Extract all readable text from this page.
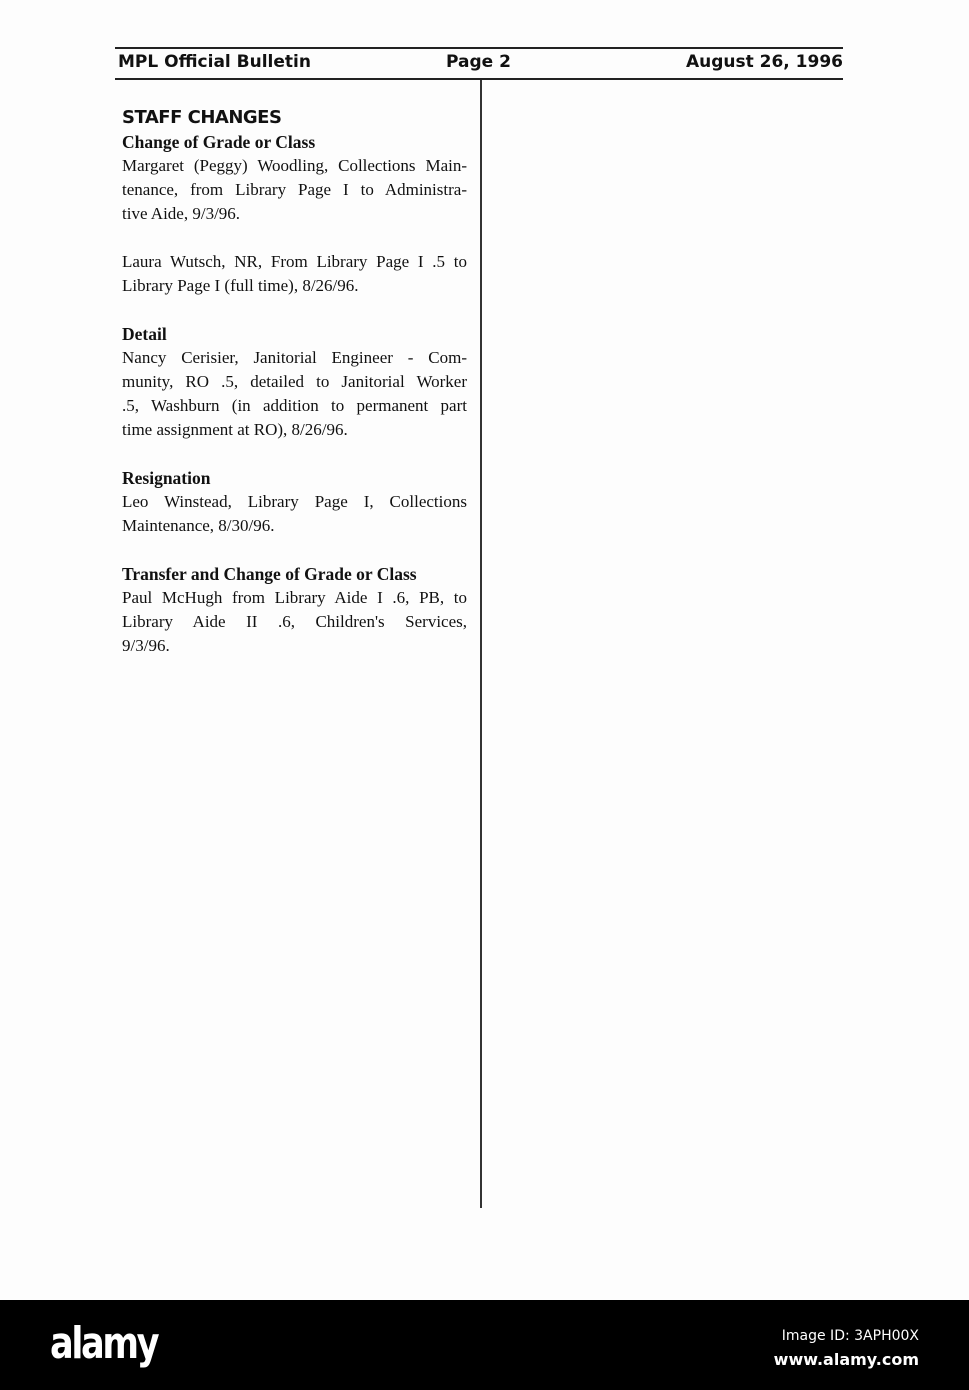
MPL Official Bulletin	Page 2	August 26, 1996
STAFF CHANGES
Change of Grade or Class
Margaret (Peggy) Woodling, Collections Main-
tenance, from Library Page I to Administra-
tive Aide, 9/3/96.
Laura Wutsch, NR, From Library Page I .5 to
Library Page I (full time), 8/26/96.
Detail
Nancy Cerisier, Janitorial Engineer - Com-
munity, RO .5, detailed to Janitorial Worker
.5, Washburn (in addition to permanent part
time assignment at RO), 8/26/96.
Resignation
Leo Winstead, Library Page I, Collections
Maintenance, 8/30/96.
Transfer and Change of Grade or Class
Paul McHugh from Library Aide I .6, PB, to
Library Aide II .6, Children's Services,
9/3/96.
alamy	Image ID: 3APH00X
www.alamy.com
